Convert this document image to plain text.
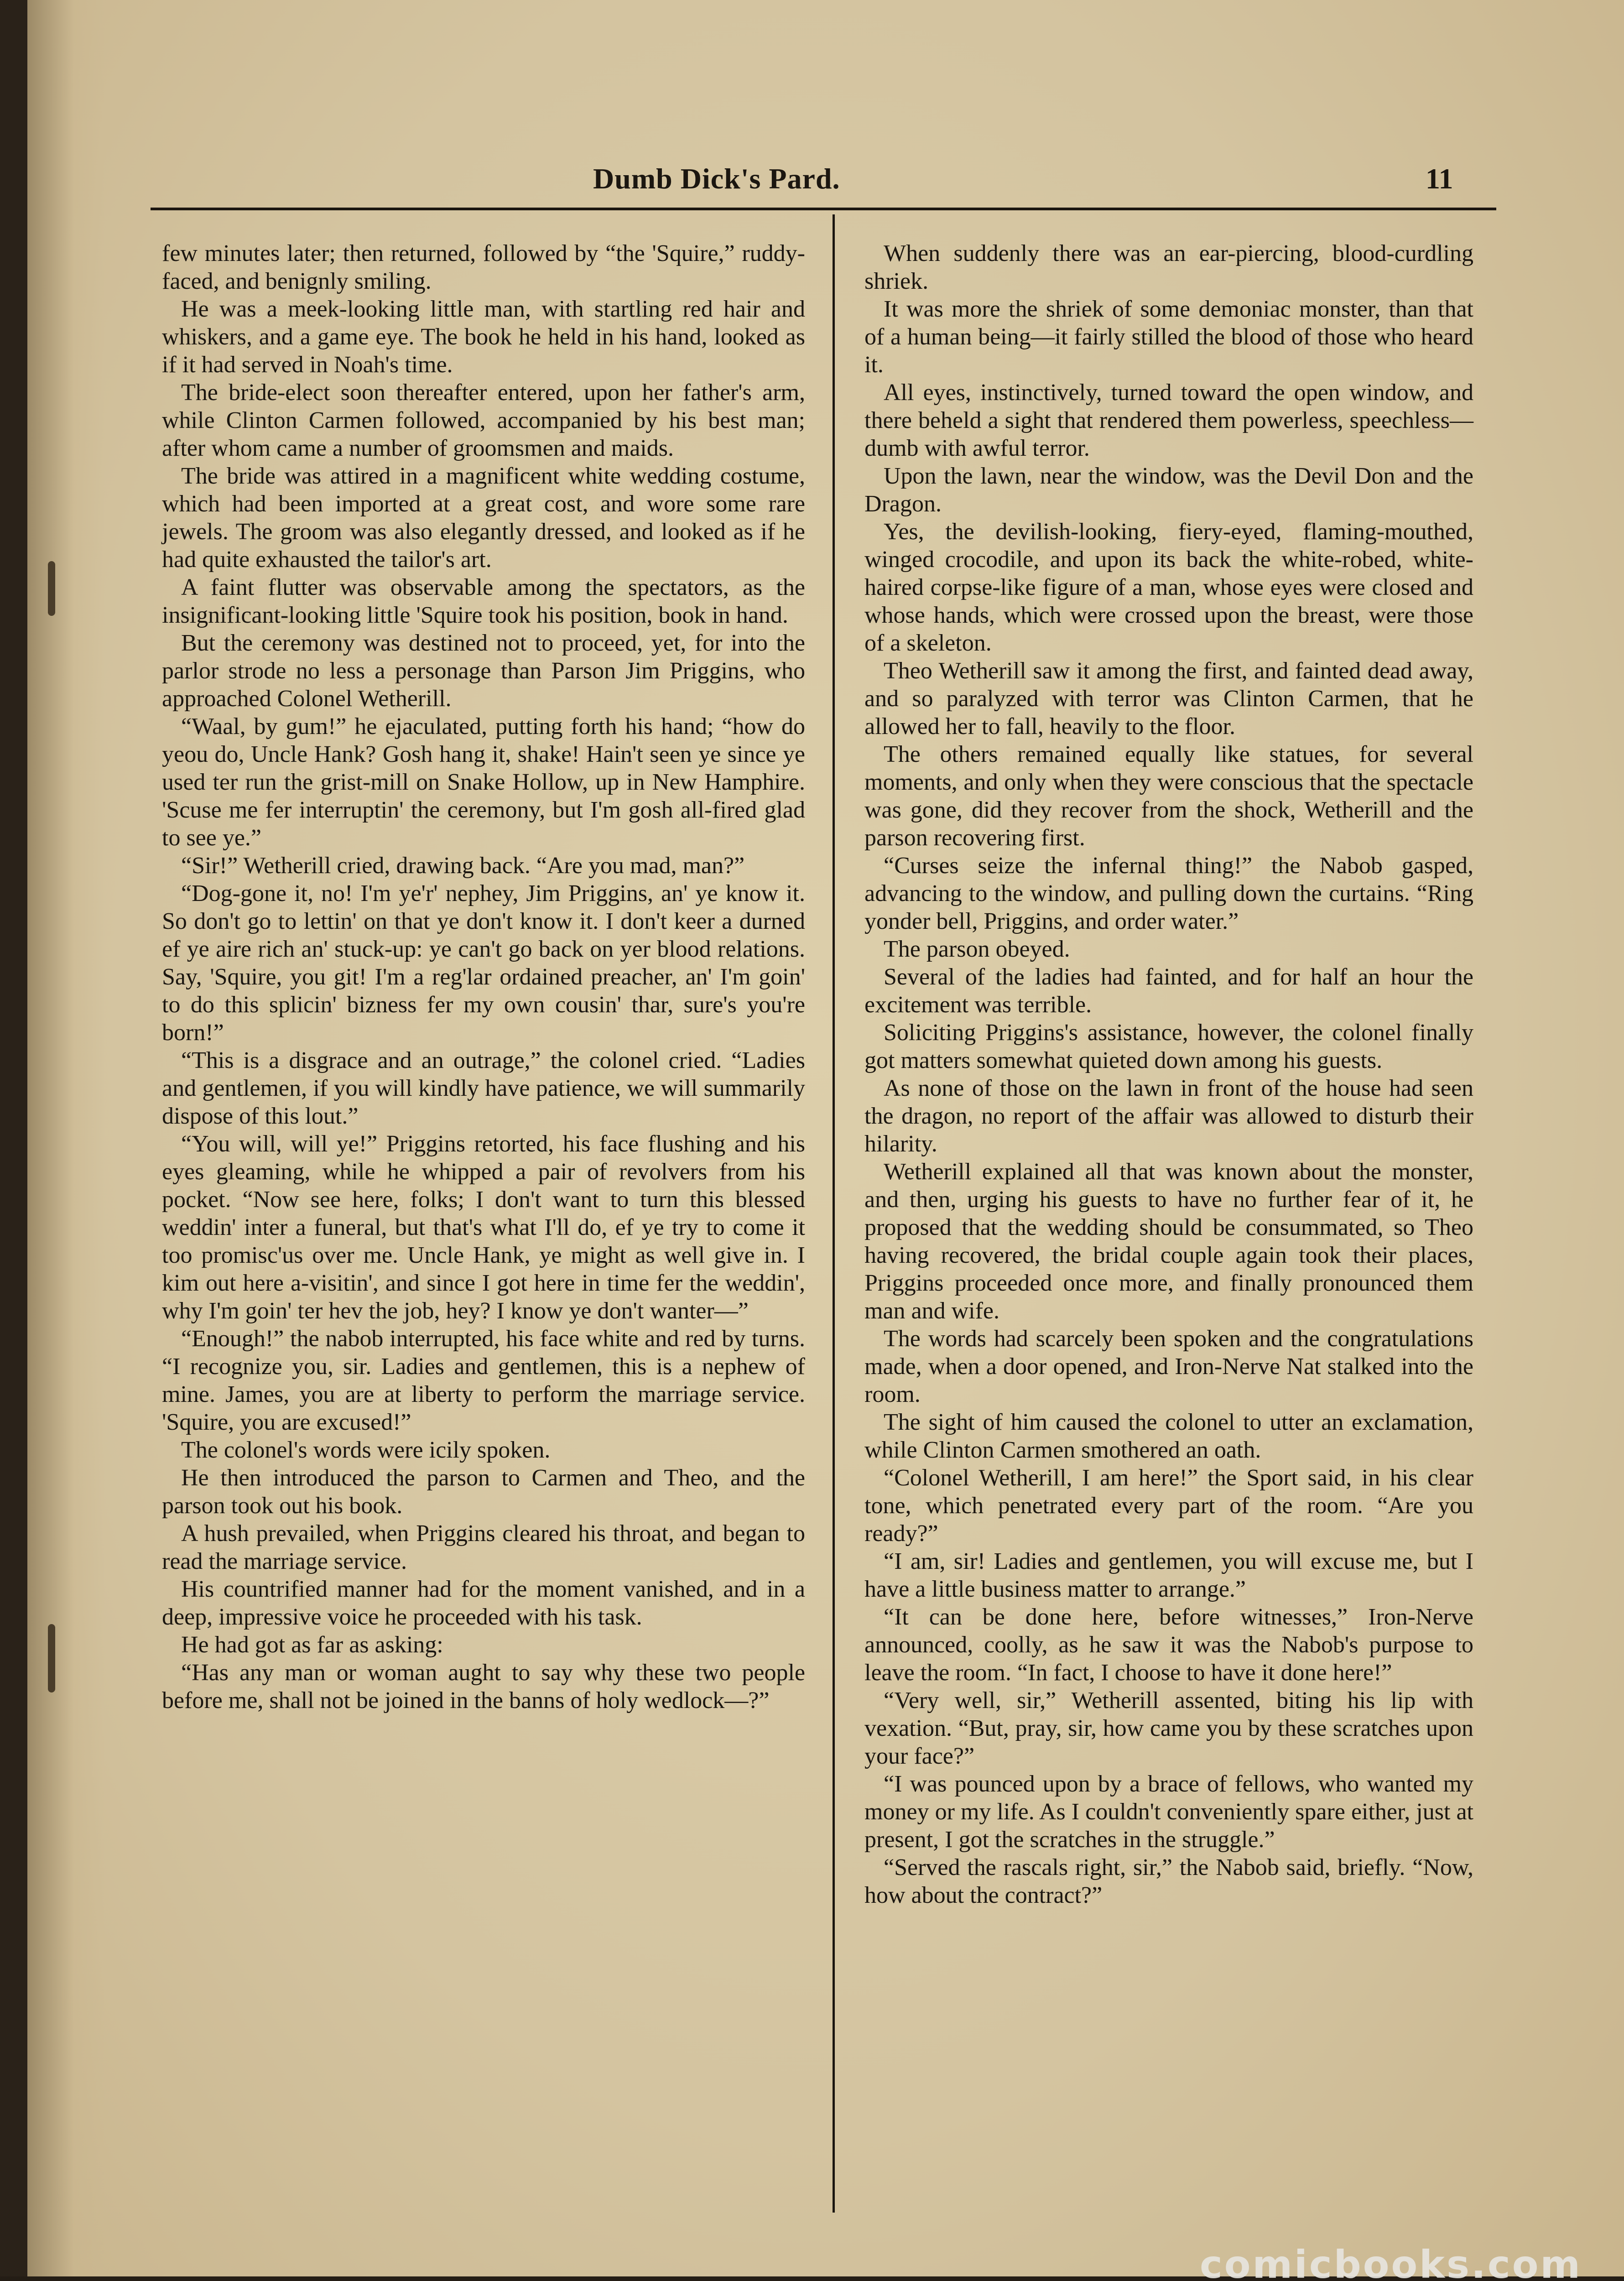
Dumb Dick's Pard.	11

few minutes later; then returned, followed by “the 'Squire,” ruddy-faced, and benignly smiling.

He was a meek-looking little man, with startling red hair and whiskers, and a game eye. The book he held in his hand, looked as if it had served in Noah's time.

The bride-elect soon thereafter entered, upon her father's arm, while Clinton Carmen followed, accompanied by his best man; after whom came a number of groomsmen and maids.

The bride was attired in a magnificent white wedding costume, which had been imported at a great cost, and wore some rare jewels. The groom was also elegantly dressed, and looked as if he had quite exhausted the tailor's art.

A faint flutter was observable among the spectators, as the insignificant-looking little 'Squire took his position, book in hand.

But the ceremony was destined not to proceed, yet, for into the parlor strode no less a personage than Parson Jim Priggins, who approached Colonel Wetherill.

“Waal, by gum!” he ejaculated, putting forth his hand; “how do yeou do, Uncle Hank? Gosh hang it, shake! Hain't seen ye since ye used ter run the grist-mill on Snake Hollow, up in New Hamphire. 'Scuse me fer interruptin' the ceremony, but I'm gosh all-fired glad to see ye.”

“Sir!” Wetherill cried, drawing back. “Are you mad, man?”

“Dog-gone it, no! I'm ye'r' nephey, Jim Priggins, an' ye know it. So don't go to lettin' on that ye don't know it. I don't keer a durned ef ye aire rich an' stuck-up: ye can't go back on yer blood relations. Say, 'Squire, you git! I'm a reg'lar ordained preacher, an' I'm goin' to do this splicin' bizness fer my own cousin' thar, sure's you're born!”

“This is a disgrace and an outrage,” the colonel cried. “Ladies and gentlemen, if you will kindly have patience, we will summarily dispose of this lout.”

“You will, will ye!” Priggins retorted, his face flushing and his eyes gleaming, while he whipped a pair of revolvers from his pocket. “Now see here, folks; I don't want to turn this blessed weddin' inter a funeral, but that's what I'll do, ef ye try to come it too promisc'us over me. Uncle Hank, ye might as well give in. I kim out here a-visitin', and since I got here in time fer the weddin', why I'm goin' ter hev the job, hey? I know ye don't wanter—”

“Enough!” the nabob interrupted, his face white and red by turns. “I recognize you, sir. Ladies and gentlemen, this is a nephew of mine. James, you are at liberty to perform the marriage service. 'Squire, you are excused!”

The colonel's words were icily spoken.

He then introduced the parson to Carmen and Theo, and the parson took out his book.

A hush prevailed, when Priggins cleared his throat, and began to read the marriage service.

His countrified manner had for the moment vanished, and in a deep, impressive voice he proceeded with his task.

He had got as far as asking:

“Has any man or woman aught to say why these two people before me, shall not be joined in the banns of holy wedlock—?”

When suddenly there was an ear-piercing, blood-curdling shriek.

It was more the shriek of some demoniac monster, than that of a human being—it fairly stilled the blood of those who heard it.

All eyes, instinctively, turned toward the open window, and there beheld a sight that rendered them powerless, speechless—dumb with awful terror.

Upon the lawn, near the window, was the Devil Don and the Dragon.

Yes, the devilish-looking, fiery-eyed, flaming-mouthed, winged crocodile, and upon its back the white-robed, white-haired corpse-like figure of a man, whose eyes were closed and whose hands, which were crossed upon the breast, were those of a skeleton.

Theo Wetherill saw it among the first, and fainted dead away, and so paralyzed with terror was Clinton Carmen, that he allowed her to fall, heavily to the floor.

The others remained equally like statues, for several moments, and only when they were conscious that the spectacle was gone, did they recover from the shock, Wetherill and the parson recovering first.

“Curses seize the infernal thing!” the Nabob gasped, advancing to the window, and pulling down the curtains. “Ring yonder bell, Priggins, and order water.”

The parson obeyed.

Several of the ladies had fainted, and for half an hour the excitement was terrible.

Soliciting Priggins's assistance, however, the colonel finally got matters somewhat quieted down among his guests.

As none of those on the lawn in front of the house had seen the dragon, no report of the affair was allowed to disturb their hilarity.

Wetherill explained all that was known about the monster, and then, urging his guests to have no further fear of it, he proposed that the wedding should be consummated, so Theo having recovered, the bridal couple again took their places, Priggins proceeded once more, and finally pronounced them man and wife.

The words had scarcely been spoken and the congratulations made, when a door opened, and Iron-Nerve Nat stalked into the room.

The sight of him caused the colonel to utter an exclamation, while Clinton Carmen smothered an oath.

“Colonel Wetherill, I am here!” the Sport said, in his clear tone, which penetrated every part of the room. “Are you ready?”

“I am, sir! Ladies and gentlemen, you will excuse me, but I have a little business matter to arrange.”

“It can be done here, before witnesses,” Iron-Nerve announced, coolly, as he saw it was the Nabob's purpose to leave the room. “In fact, I choose to have it done here!”

“Very well, sir,” Wetherill assented, biting his lip with vexation. “But, pray, sir, how came you by these scratches upon your face?”

“I was pounced upon by a brace of fellows, who wanted my money or my life. As I couldn't conveniently spare either, just at present, I got the scratches in the struggle.”

“Served the rascals right, sir,” the Nabob said, briefly. “Now, how about the contract?”

comicbooks.com
